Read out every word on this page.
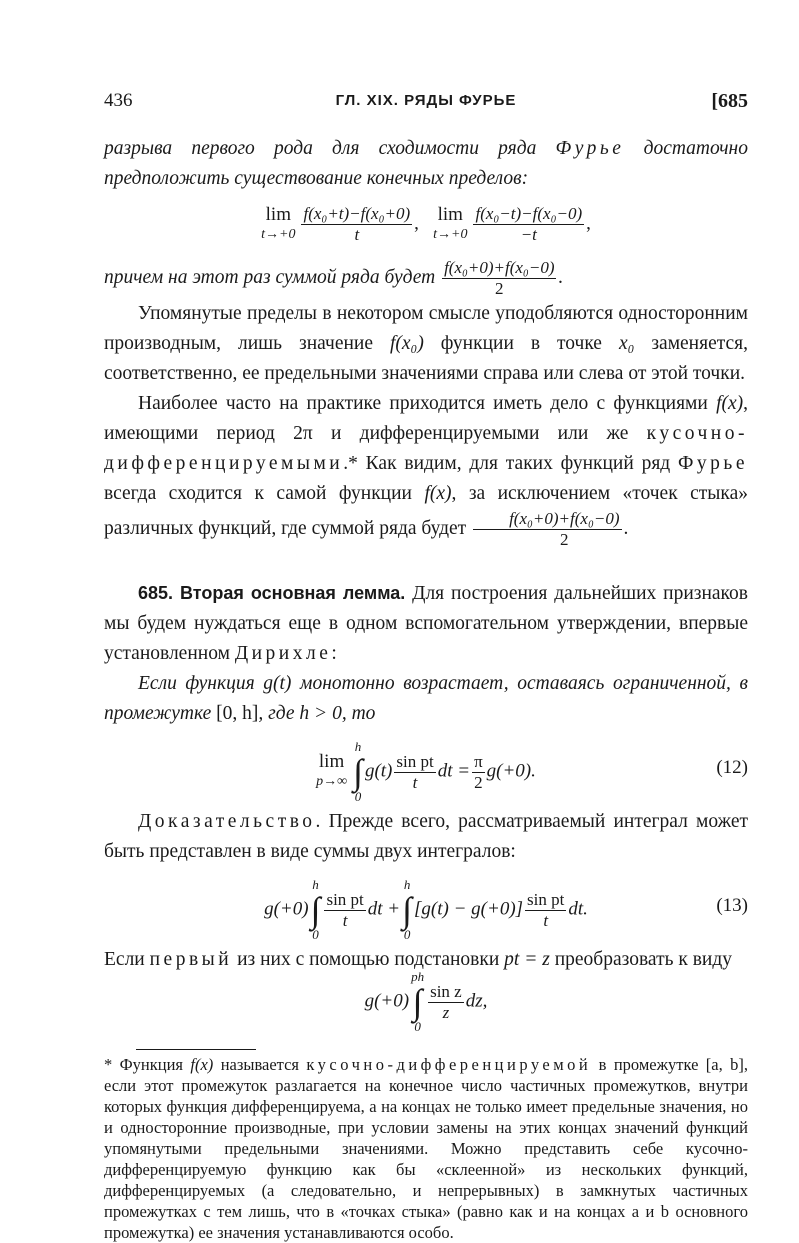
436	ГЛ. XIX. РЯДЫ ФУРЬЕ	[685

разрыва первого рода для сходимости ряда Фурье достаточно предположить существование конечных пределов:

lim
$t\to+0 \frac{\text{f(x₀+t)−f(x₀+0)}}{t}$ , lim
$t\to+0 \frac{\text{f(x₀−t)−f(x₀−0)}}{-t}$ ,

причем на этот раз суммой ряда будет $\frac{\text{f(x₀+0)+f(x₀−0)}}{2}$ .

Упомянутые пределы в некотором смысле уподобляются односторонним производным, лишь значение f(x₀) функции в точке x₀ заменяется, соответственно, ее предельными значениями справа или слева от этой точки.

Наиболее часто на практике приходится иметь дело с функциями f(x), имеющими период 2π и дифференцируемыми или же кусочно-дифференцируемыми.* Как видим, для таких функций ряд Фурье всегда сходится к самой функции f(x), за исключением «точек стыка» различных функций, где суммой ряда будет $\frac{\text{f(x₀+0)+f(x₀−0)}}{2}$ .

685. Вторая основная лемма. Для построения дальнейших признаков мы будем нуждаться еще в одном вспомогательном утверждении, впервые установленном Дирихле:

Если функция g(t) монотонно возрастает, оставаясь ограниченной, в промежутке [0, h], где h > 0, то

lim
p→∞
h
∫
0
$g(t) \frac{\text{sin pt}}{t}$ dt = $\frac{\pi}{2} g(+0)$.	(12)

Доказательство. Прежде всего, рассматриваемый интеграл может быть представлен в виде суммы двух интегралов:

g(+0)
h
∫
0
$\frac{\text{sin pt}}{t}$ dt +
h
∫
0
$[g(t) - g(+0)] \frac{\text{sin pt}}{t}$ dt.	(13)

Если первый из них с помощью подстановки pt = z преобразовать к виду

g(+0)
ph
∫
0
$\frac{\text{sin z}}{z}$ dz,

* Функция f(x) называется кусочно-дифференцируемой в промежутке [a, b], если этот промежуток разлагается на конечное число частичных промежутков, внутри которых функция дифференцируема, а на концах не только имеет предельные значения, но и односторонние производные, при условии замены на этих концах значений функций упомянутыми предельными значениями. Можно представить себе кусочно-дифференцируемую функцию как бы «склеенной» из нескольких функций, дифференцируемых (а следовательно, и непрерывных) в замкнутых частичных промежутках с тем лишь, что в «точках стыка» (равно как и на концах a и b основного промежутка) ее значения устанавливаются особо.
